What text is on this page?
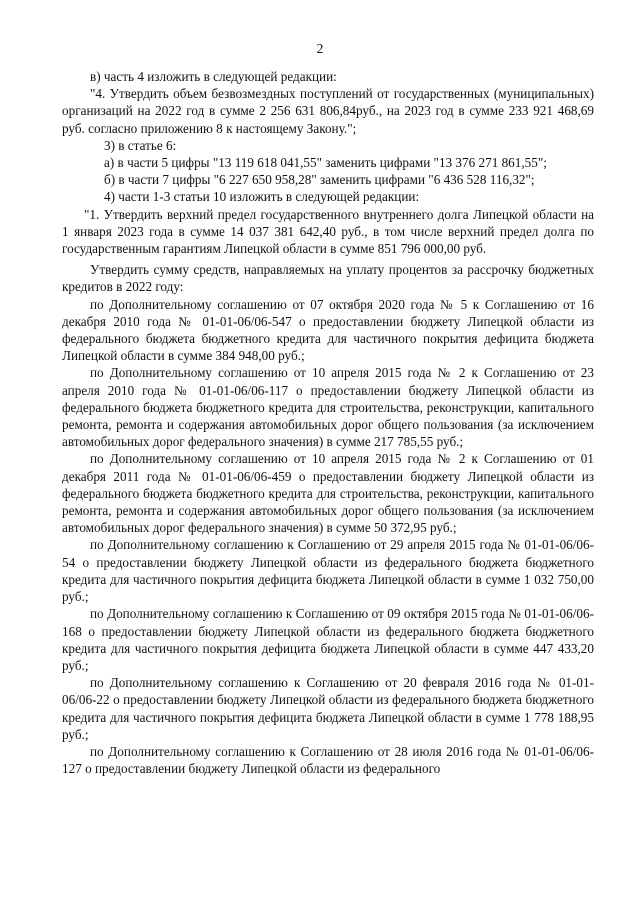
2

в) часть 4 изложить в следующей редакции:

"4. Утвердить объем безвозмездных поступлений от государственных (муниципальных) организаций на 2022 год в сумме 2 256 631 806,84руб., на 2023 год в сумме 233 921 468,69 руб. согласно приложению 8 к настоящему Закону.";

3) в статье 6:

а) в части 5 цифры "13 119 618 041,55" заменить цифрами "13 376 271 861,55";

б) в части 7 цифры "6 227 650 958,28" заменить цифрами "6 436 528 116,32";

4) части 1-3 статьи 10 изложить в следующей редакции:

"1. Утвердить верхний предел государственного внутреннего долга Липецкой области на 1 января 2023 года в сумме 14 037 381 642,40 руб., в том числе верхний предел долга по государственным гарантиям Липецкой области в сумме 851 796 000,00 руб.

Утвердить сумму средств, направляемых на уплату процентов за рассрочку бюджетных кредитов в 2022 году:

по Дополнительному соглашению от 07 октября 2020 года № 5 к Соглашению от 16 декабря 2010 года № 01-01-06/06-547 о предоставлении бюджету Липецкой области из федерального бюджета бюджетного кредита для частичного покрытия дефицита бюджета Липецкой области в сумме 384 948,00 руб.;

по Дополнительному соглашению от 10 апреля 2015 года № 2 к Соглашению от 23 апреля 2010 года № 01-01-06/06-117 о предоставлении бюджету Липецкой области из федерального бюджета бюджетного кредита для строительства, реконструкции, капитального ремонта, ремонта и содержания автомобильных дорог общего пользования (за исключением автомобильных дорог федерального значения) в сумме 217 785,55 руб.;

по Дополнительному соглашению от 10 апреля 2015 года № 2 к Соглашению от 01 декабря 2011 года № 01-01-06/06-459 о предоставлении бюджету Липецкой области из федерального бюджета бюджетного кредита для строительства, реконструкции, капитального ремонта, ремонта и содержания автомобильных дорог общего пользования (за исключением автомобильных дорог федерального значения) в сумме 50 372,95 руб.;

по Дополнительному соглашению к Соглашению от 29 апреля 2015 года № 01-01-06/06-54 о предоставлении бюджету Липецкой области из федерального бюджета бюджетного кредита для частичного покрытия дефицита бюджета Липецкой области в сумме 1 032 750,00 руб.;

по Дополнительному соглашению к Соглашению от 09 октября 2015 года № 01-01-06/06-168 о предоставлении бюджету Липецкой области из федерального бюджета бюджетного кредита для частичного покрытия дефицита бюджета Липецкой области в сумме 447 433,20 руб.;

по Дополнительному соглашению к Соглашению от 20 февраля 2016 года № 01-01-06/06-22 о предоставлении бюджету Липецкой области из федерального бюджета бюджетного кредита для частичного покрытия дефицита бюджета Липецкой области в сумме 1 778 188,95 руб.;

по Дополнительному соглашению к Соглашению от 28 июля 2016 года № 01-01-06/06-127 о предоставлении бюджету Липецкой области из федерального
